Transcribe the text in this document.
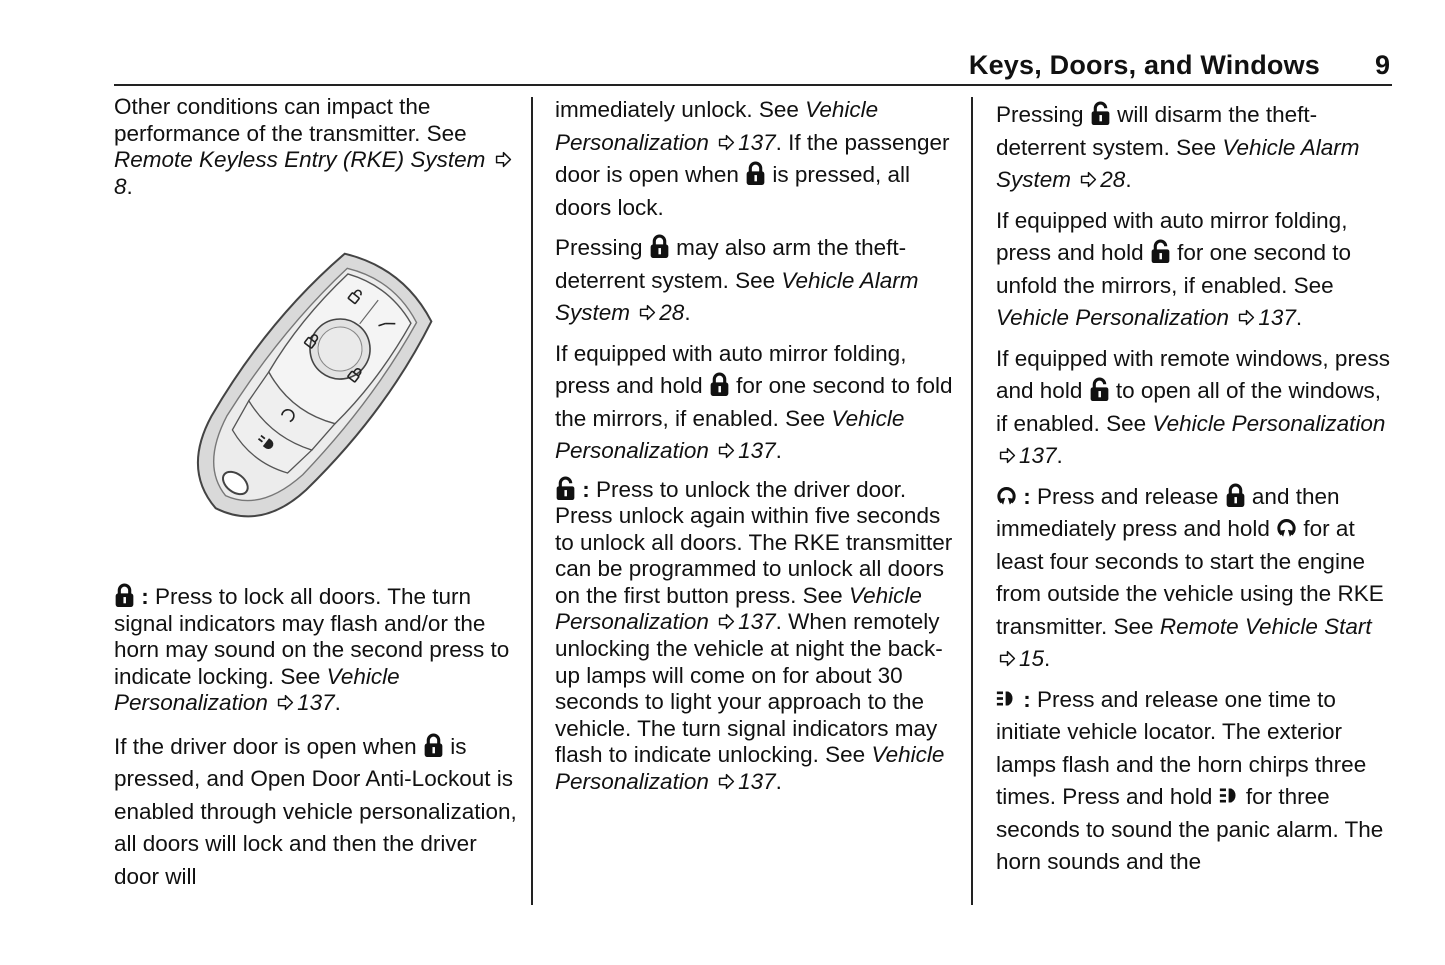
Keys, Doors, and Windows 9

Other conditions can impact the performance of the transmitter. See Remote Keyless Entry (RKE) System 8.

: Press to lock all doors. The turn signal indicators may flash and/or the horn may sound on the second press to indicate locking. See Vehicle Personalization 137.

If the driver door is open when is pressed, and Open Door Anti-Lockout is enabled through vehicle personalization, all doors will lock and then the driver door will

immediately unlock. See Vehicle Personalization 137. If the passenger door is open when is pressed, all doors lock.

Pressing may also arm the theft-deterrent system. See Vehicle Alarm System 28.

If equipped with auto mirror folding, press and hold for one second to fold the mirrors, if enabled. See Vehicle Personalization 137.

: Press to unlock the driver door. Press unlock again within five seconds to unlock all doors. The RKE transmitter can be programmed to unlock all doors on the first button press. See Vehicle Personalization 137. When remotely unlocking the vehicle at night the back-up lamps will come on for about 30 seconds to light your approach to the vehicle. The turn signal indicators may flash to indicate unlocking. See Vehicle Personalization 137.

Pressing will disarm the theft-deterrent system. See Vehicle Alarm System 28.

If equipped with auto mirror folding, press and hold for one second to unfold the mirrors, if enabled. See Vehicle Personalization 137.

If equipped with remote windows, press and hold to open all of the windows, if enabled. See Vehicle Personalization 137.

: Press and release and then immediately press and hold for at least four seconds to start the engine from outside the vehicle using the RKE transmitter. See Remote Vehicle Start 15.

: Press and release one time to initiate vehicle locator. The exterior lamps flash and the horn chirps three times. Press and hold for three seconds to sound the panic alarm. The horn sounds and the
